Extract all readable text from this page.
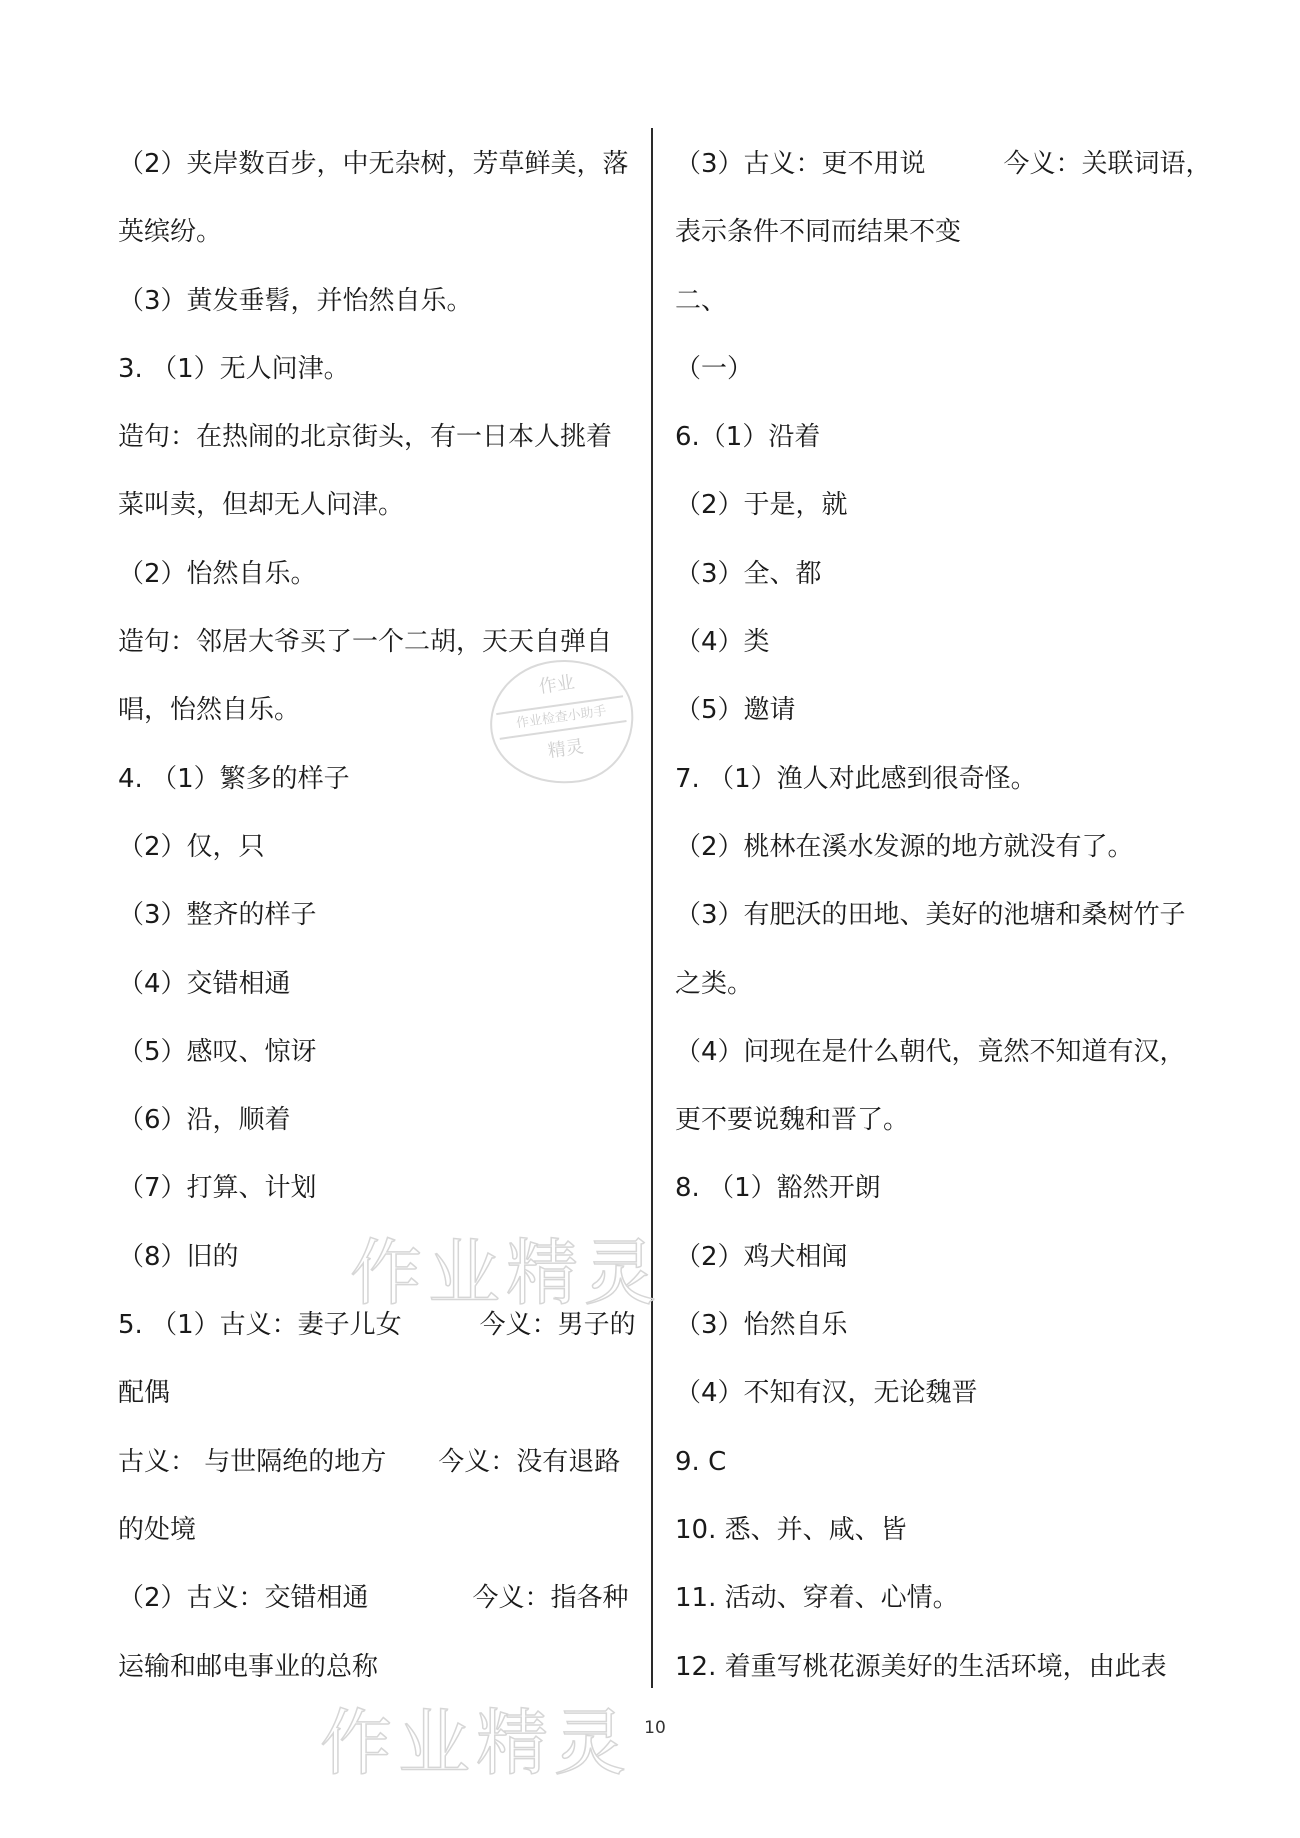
（2）夹岸数百步，中无杂树，芳草鲜美，落

英缤纷。

（3）黄发垂髫，并怡然自乐。

3. （1）无人问津。

造句：在热闹的北京街头，有一日本人挑着

菜叫卖，但却无人问津。

（2）怡然自乐。

造句：邻居大爷买了一个二胡，天天自弹自

唱，怡然自乐。

4. （1）繁多的样子

（2）仅，只

（3）整齐的样子

（4）交错相通

（5）感叹、惊讶

（6）沿，顺着

（7）打算、计划

（8）旧的

5. （1）古义：妻子儿女　　　今义：男子的

配偶

古义： 与世隔绝的地方　　今义：没有退路

的处境

（2）古义：交错相通　　　　今义：指各种

运输和邮电事业的总称

（3）古义：更不用说　　　今义：关联词语，

表示条件不同而结果不变

二、

（一）

6.（1）沿着

（2）于是，就

（3）全、都

（4）类

（5）邀请

7. （1）渔人对此感到很奇怪。

（2）桃林在溪水发源的地方就没有了。

（3）有肥沃的田地、美好的池塘和桑树竹子

之类。

（4）问现在是什么朝代，竟然不知道有汉，

更不要说魏和晋了。

8. （1）豁然开朗

（2）鸡犬相闻

（3）怡然自乐

（4）不知有汉，无论魏晋

9. C

10. 悉、并、咸、皆

11. 活动、穿着、心情。

12. 着重写桃花源美好的生活环境，由此表

作业
作业检查小助手
精灵
作业精灵
作业精灵 10
